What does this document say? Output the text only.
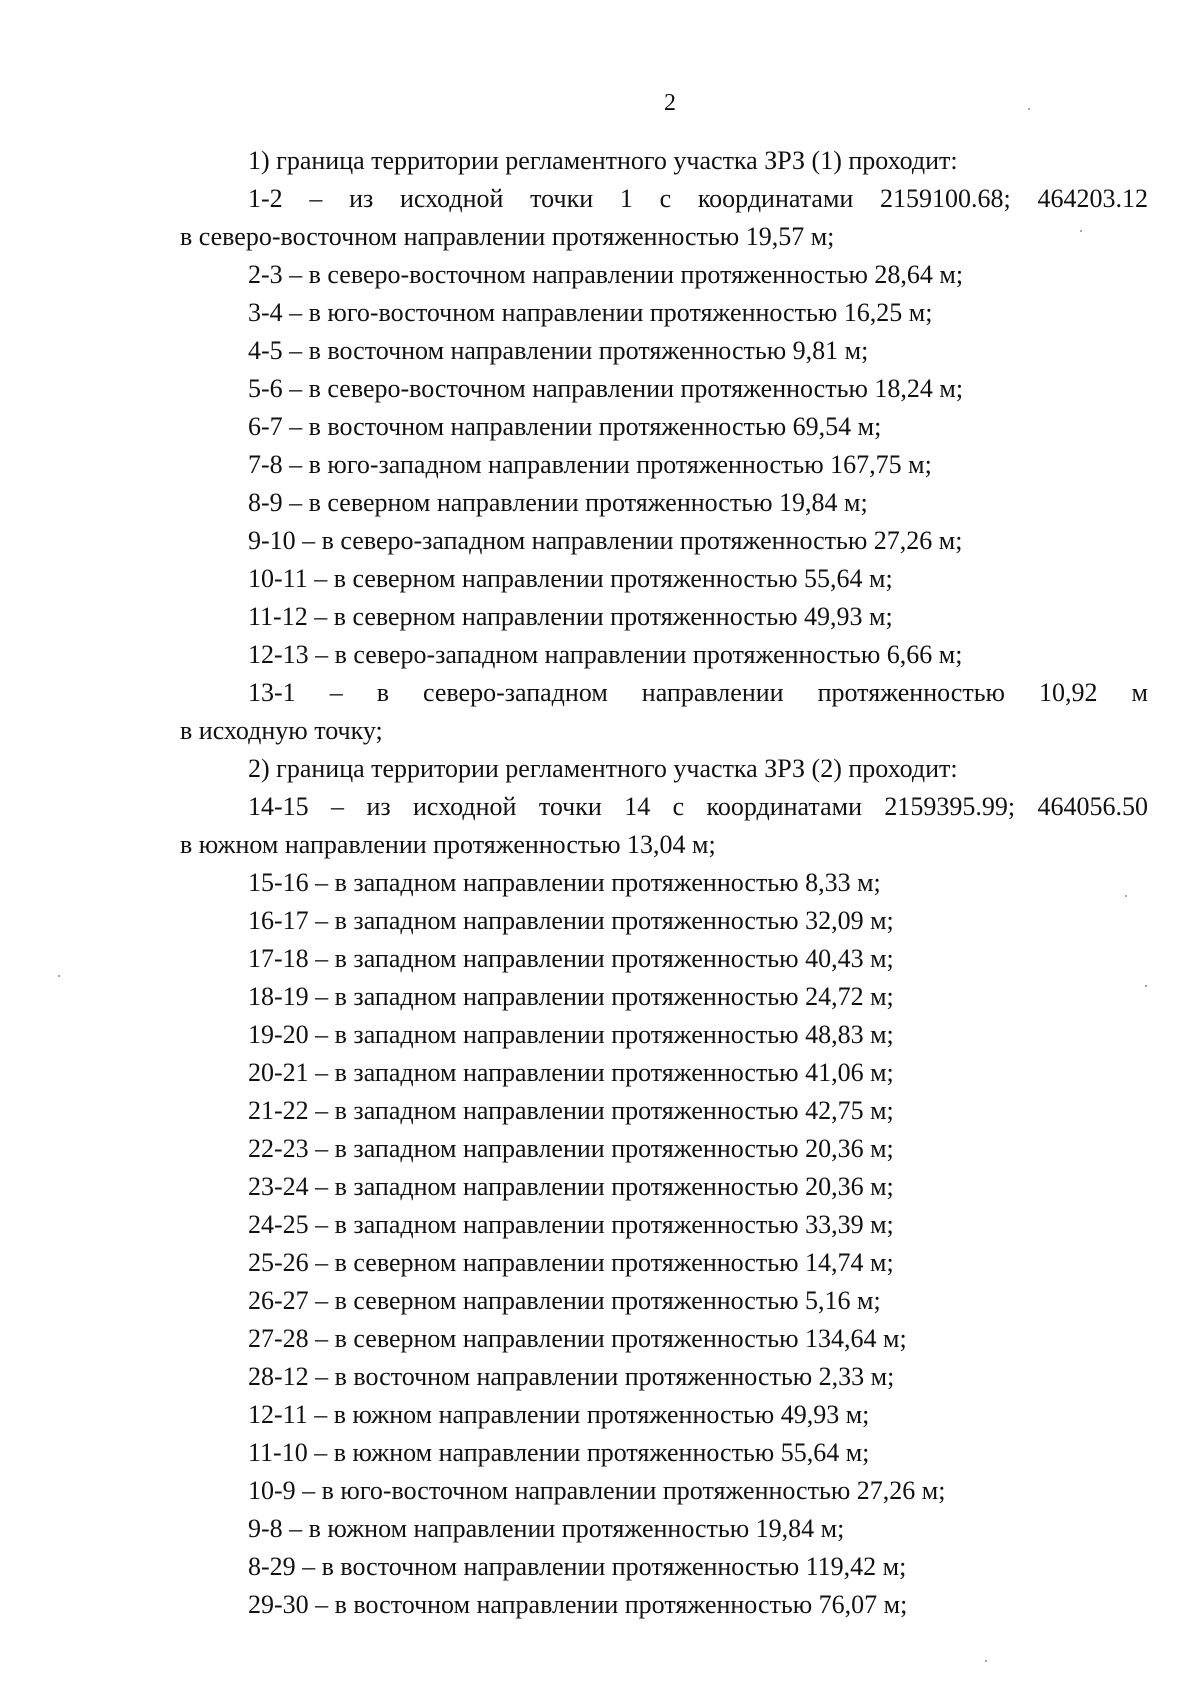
2
1) граница территории регламентного участка ЗРЗ (1) проходит:
1-2 – из исходной точки 1 с координатами 2159100.68; 464203.12
в северо-восточном направлении протяженностью 19,57 м;
2-3 – в северо-восточном направлении протяженностью 28,64 м;
3-4 – в юго-восточном направлении протяженностью 16,25 м;
4-5 – в восточном направлении протяженностью 9,81 м;
5-6 – в северо-восточном направлении протяженностью 18,24 м;
6-7 – в восточном направлении протяженностью 69,54 м;
7-8 – в юго-западном направлении протяженностью 167,75 м;
8-9 – в северном направлении протяженностью 19,84 м;
9-10 – в северо-западном направлении протяженностью 27,26 м;
10-11 – в северном направлении протяженностью 55,64 м;
11-12 – в северном направлении протяженностью 49,93 м;
12-13 – в северо-западном направлении протяженностью 6,66 м;
13-1 – в северо-западном направлении протяженностью 10,92 м
в исходную точку;
2) граница территории регламентного участка ЗРЗ (2) проходит:
14-15 – из исходной точки 14 с координатами 2159395.99; 464056.50
в южном направлении протяженностью 13,04 м;
15-16 – в западном направлении протяженностью 8,33 м;
16-17 – в западном направлении протяженностью 32,09 м;
17-18 – в западном направлении протяженностью 40,43 м;
18-19 – в западном направлении протяженностью 24,72 м;
19-20 – в западном направлении протяженностью 48,83 м;
20-21 – в западном направлении протяженностью 41,06 м;
21-22 – в западном направлении протяженностью 42,75 м;
22-23 – в западном направлении протяженностью 20,36 м;
23-24 – в западном направлении протяженностью 20,36 м;
24-25 – в западном направлении протяженностью 33,39 м;
25-26 – в северном направлении протяженностью 14,74 м;
26-27 – в северном направлении протяженностью 5,16 м;
27-28 – в северном направлении протяженностью 134,64 м;
28-12 – в восточном направлении протяженностью 2,33 м;
12-11 – в южном направлении протяженностью 49,93 м;
11-10 – в южном направлении протяженностью 55,64 м;
10-9 – в юго-восточном направлении протяженностью 27,26 м;
9-8 – в южном направлении протяженностью 19,84 м;
8-29 – в восточном направлении протяженностью 119,42 м;
29-30 – в восточном направлении протяженностью 76,07 м;
